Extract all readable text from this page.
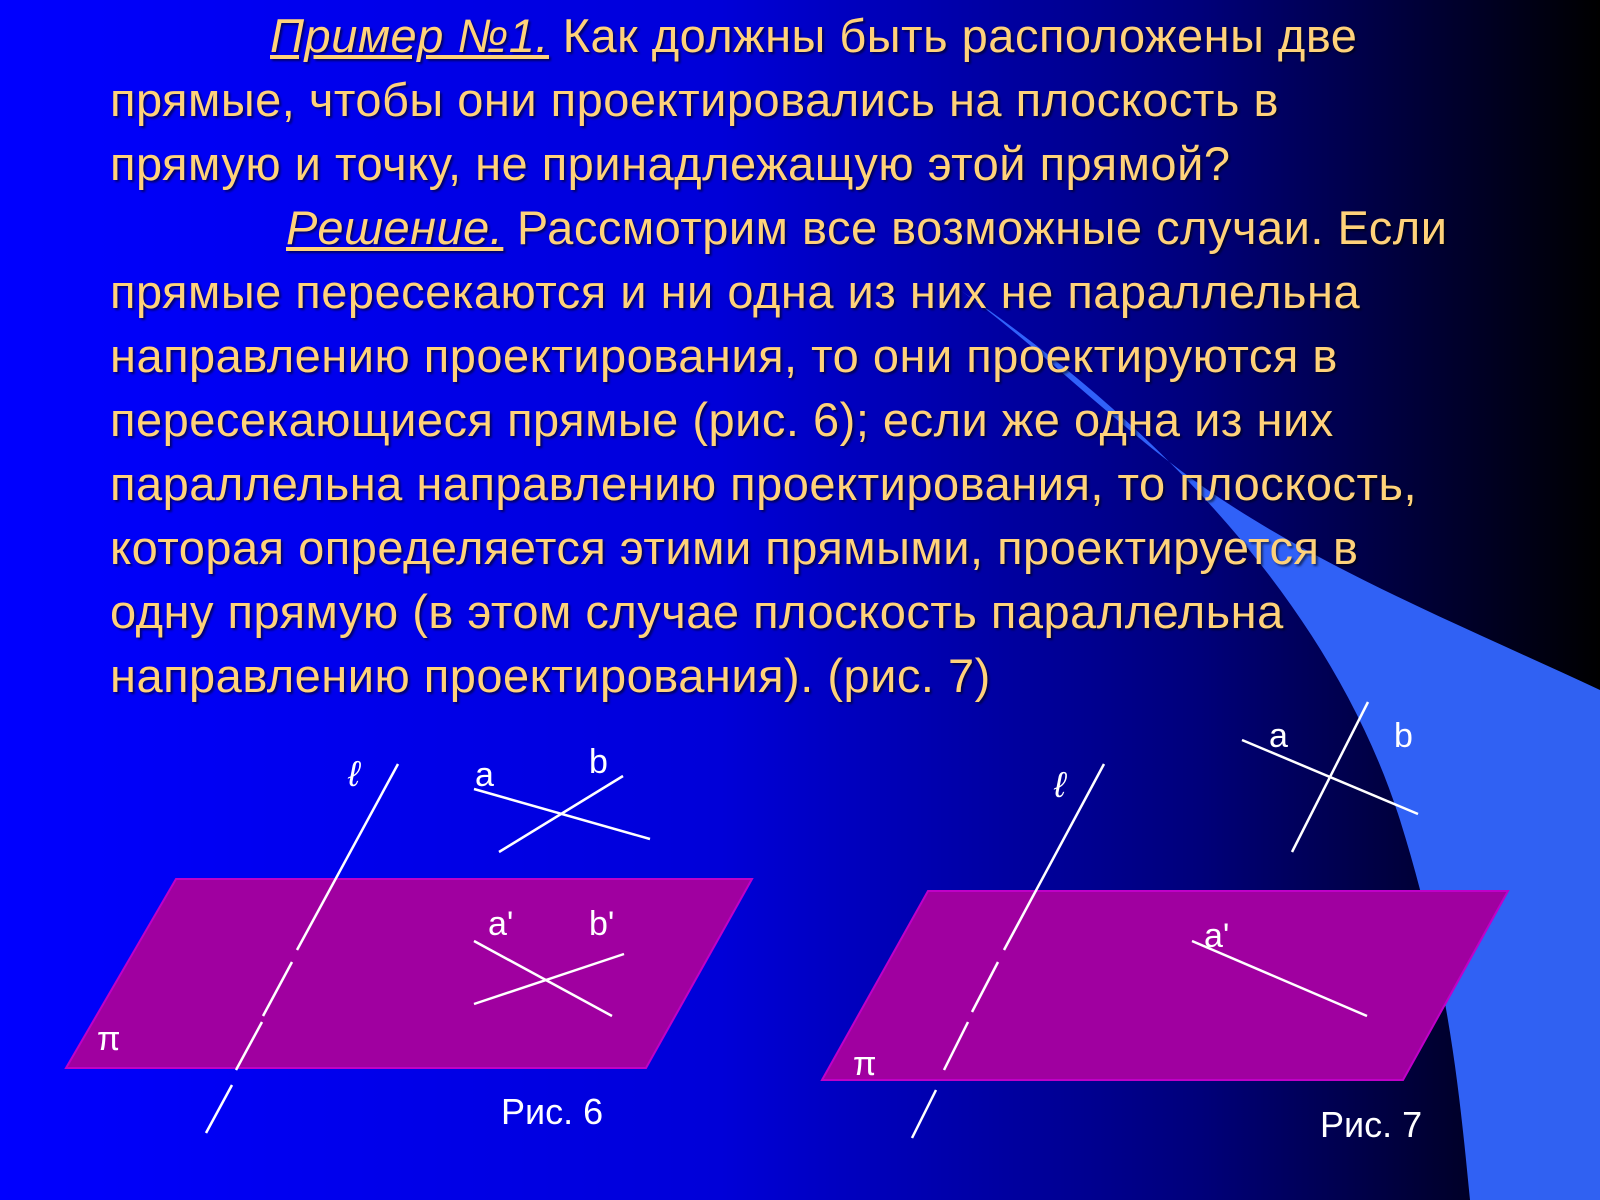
Пример №1. Как должны быть расположены две
прямые, чтобы они проектировались на плоскость в
прямую и точку, не принадлежащую этой прямой?
Решение. Рассмотрим все возможные случаи. Если
прямые пересекаются и ни одна из них не параллельна
направлению проектирования, то они проектируются в
пересекающиеся прямые (рис. 6); если же одна из них
параллельна направлению проектирования, то плоскость,
которая определяется этими прямыми, проектируется в
одну прямую (в этом случае плоскость параллельна
направлению проектирования). (рис. 7)
ℓ	a	b
a' b'
π
Рис. 6
ℓ
a	b
a'
π
Рис. 7
